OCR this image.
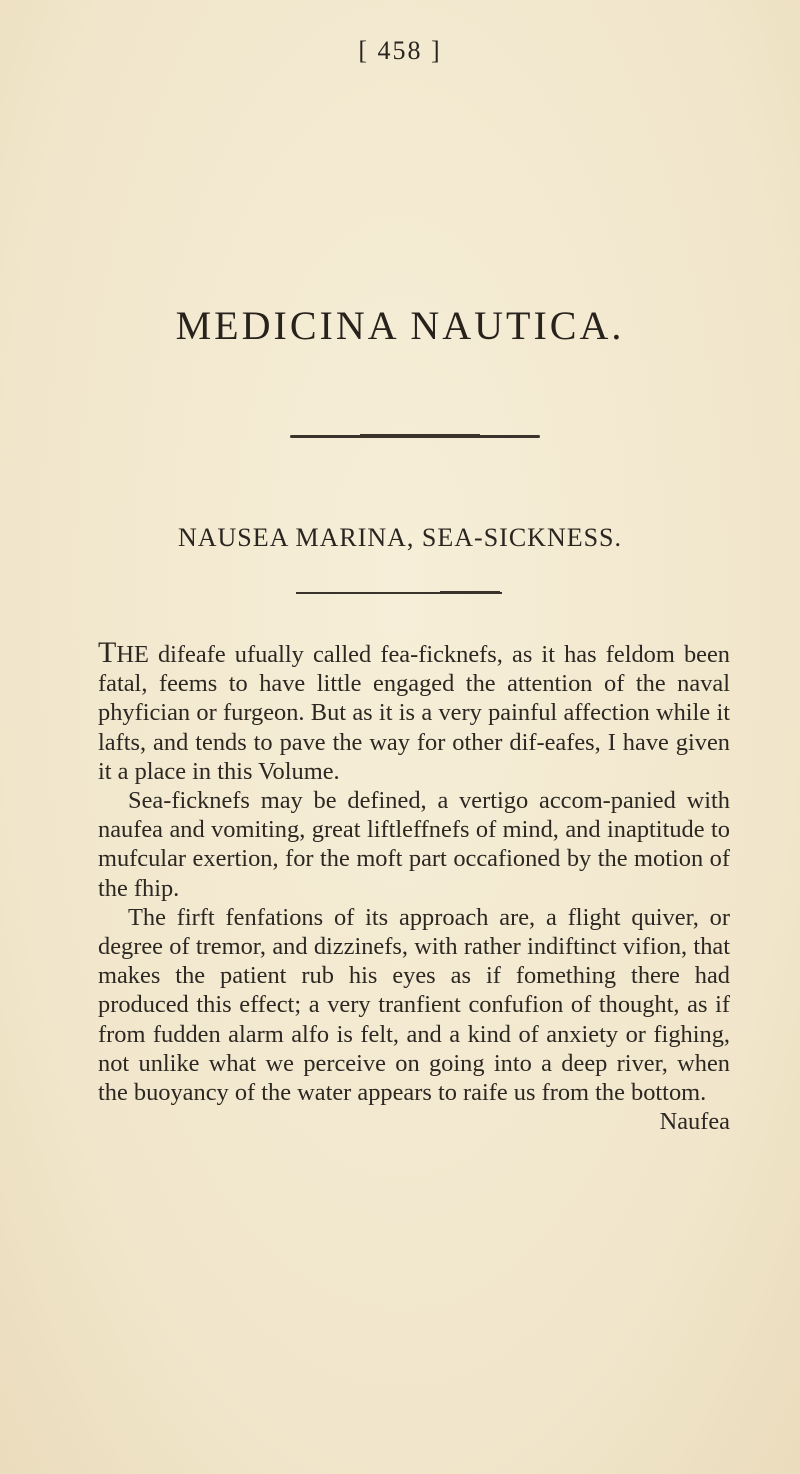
[ 458 ]
MEDICINA NAUTICA.
NAUSEA MARINA, SEA-SICKNESS.

THE difeafe ufually called fea-ficknefs, as it has feldom been fatal, feems to have little engaged the attention of the naval phyfician or furgeon. But as it is a very painful affection while it lafts, and tends to pave the way for other dif-eafes, I have given it a place in this Volume.

Sea-ficknefs may be defined, a vertigo accom-panied with naufea and vomiting, great liftleffnefs of mind, and inaptitude to mufcular exertion, for the moft part occafioned by the motion of the fhip.

The firft fenfations of its approach are, a flight quiver, or degree of tremor, and dizzinefs, with rather indiftinct vifion, that makes the patient rub his eyes as if fomething there had produced this effect; a very tranfient confufion of thought, as if from fudden alarm alfo is felt, and a kind of anxiety or fighing, not unlike what we perceive on going into a deep river, when the buoyancy of the water appears to raife us from the bottom.

Naufea
